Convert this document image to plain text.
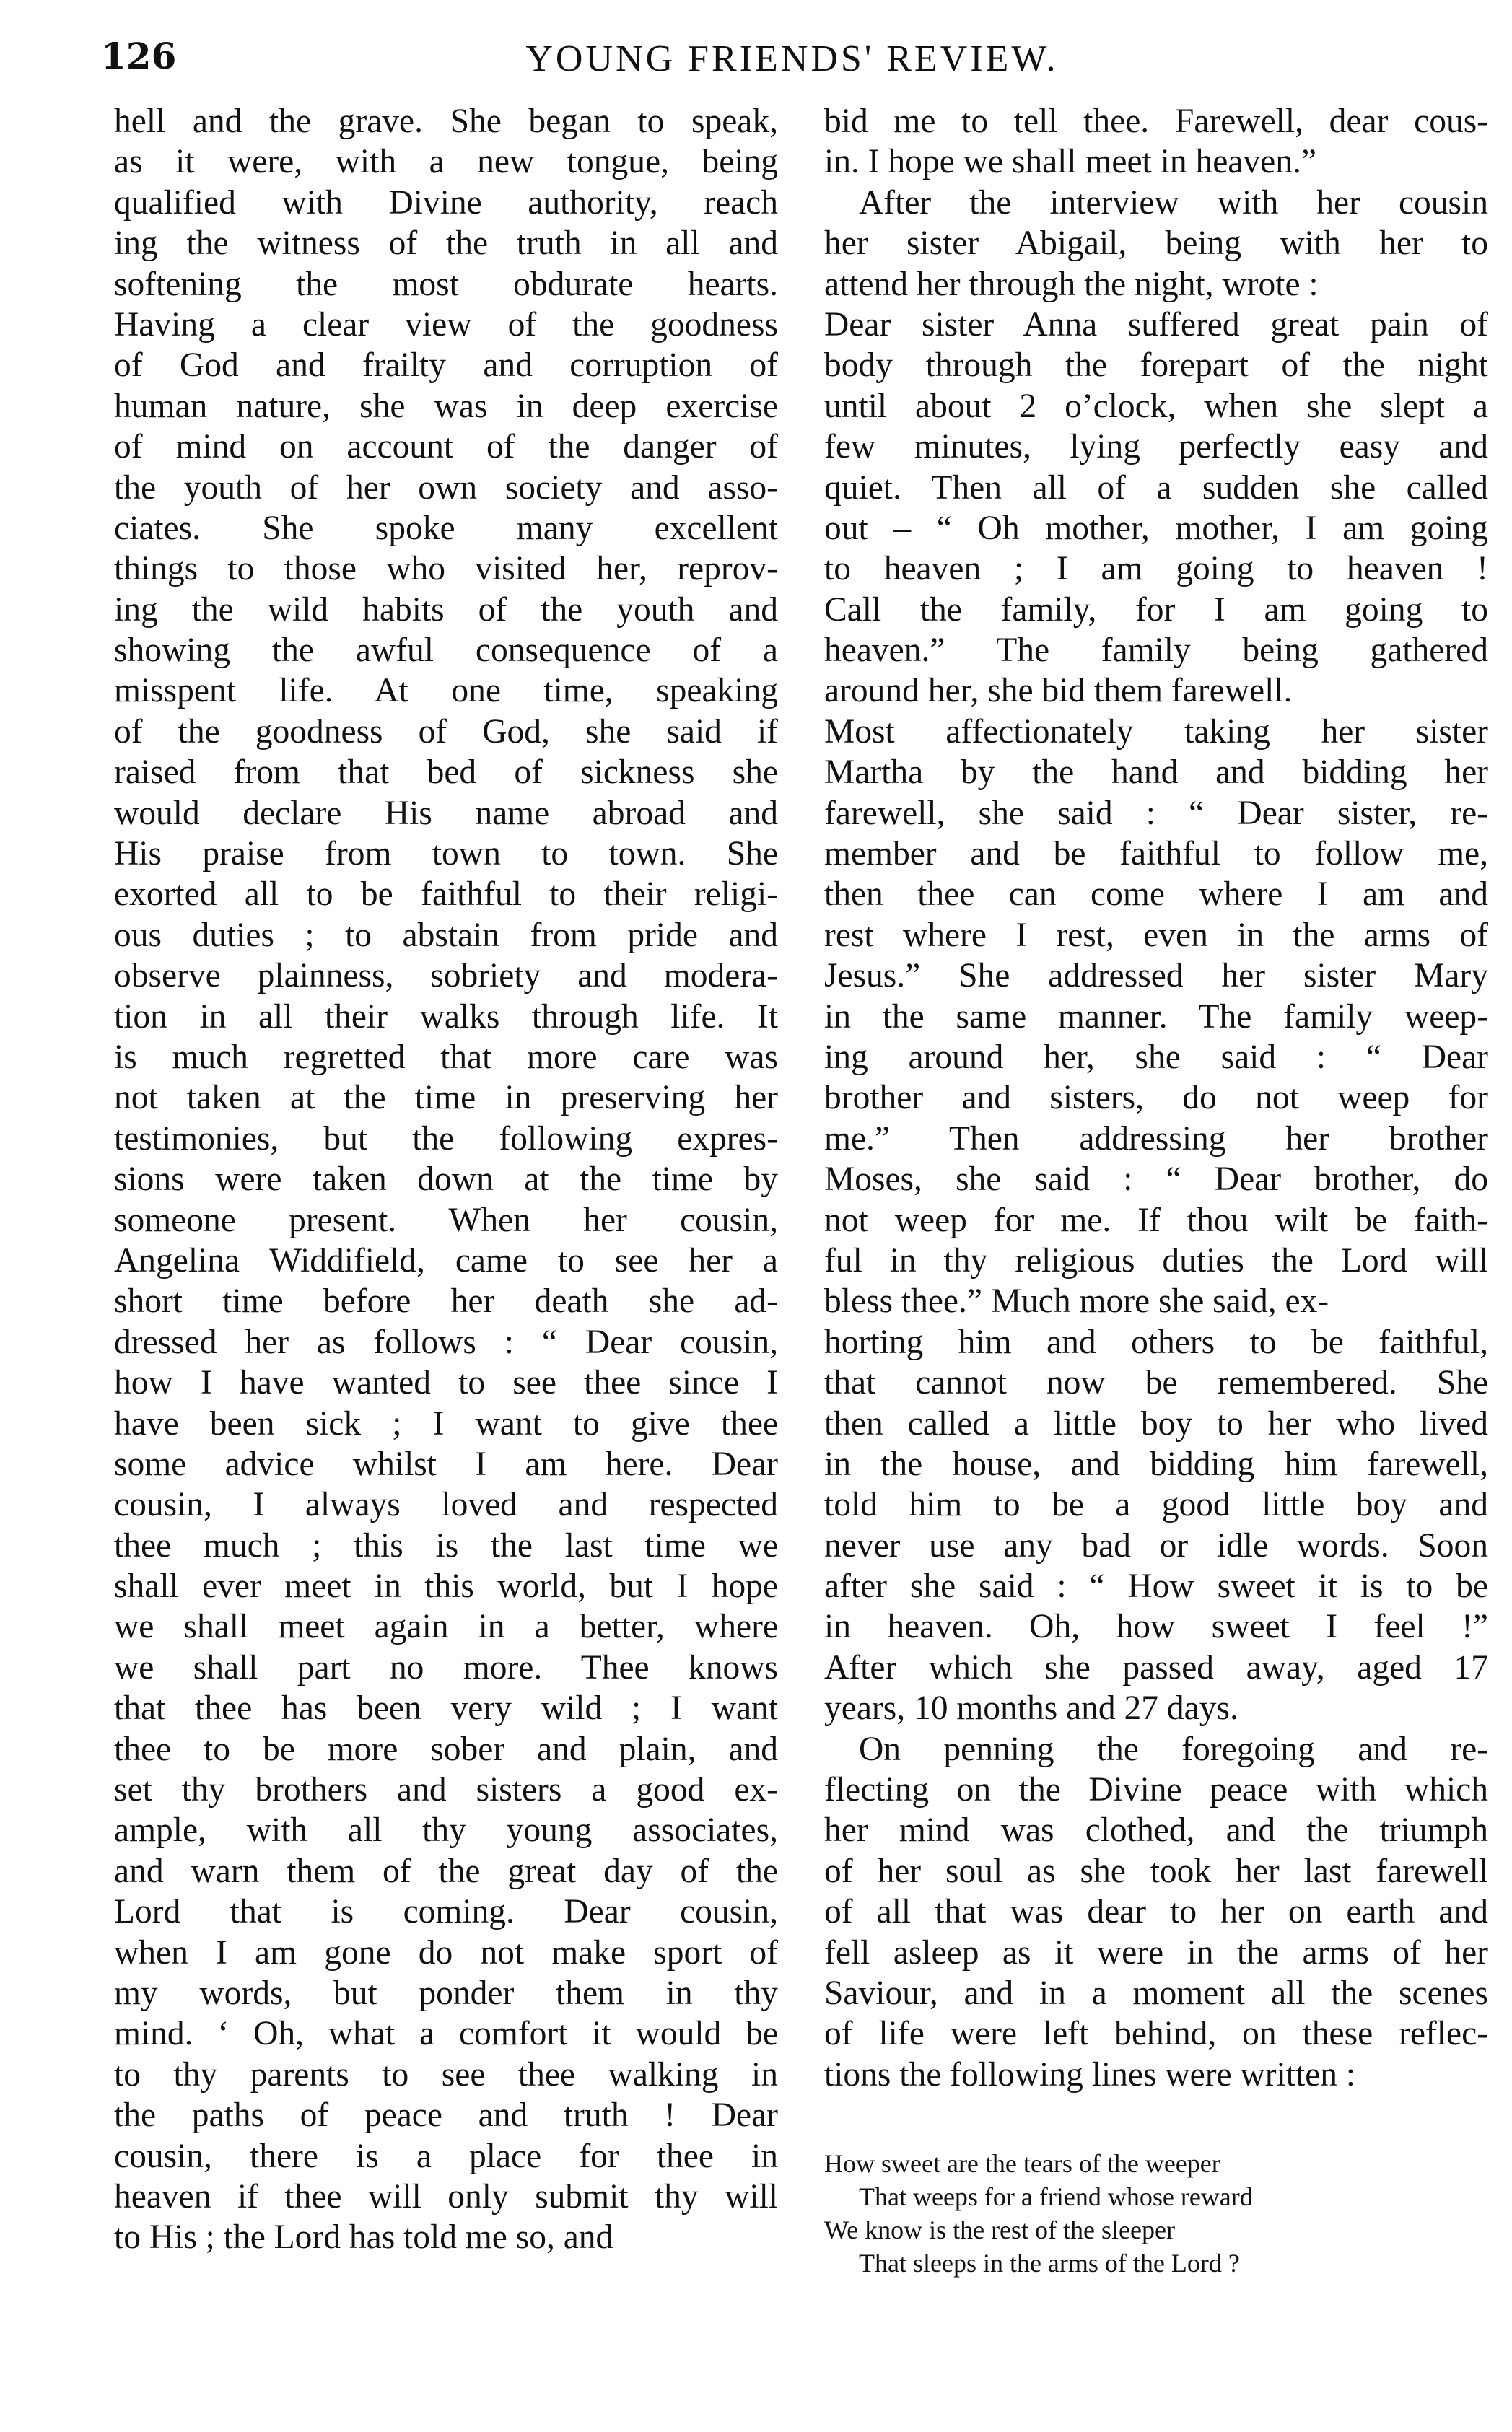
126	YOUNG FRIENDS' REVIEW.
hell and the grave. She began to speak,
as it were, with a new tongue, being
qualified with Divine authority, reach
ing the witness of the truth in all and
softening the most obdurate hearts.
Having a clear view of the goodness
of God and frailty and corruption of
human nature, she was in deep exercise
of mind on account of the danger of
the youth of her own society and asso-
ciates. She spoke many excellent
things to those who visited her, reprov-
ing the wild habits of the youth and
showing the awful consequence of a
misspent life. At one time, speaking
of the goodness of God, she said if
raised from that bed of sickness she
would declare His name abroad and
His praise from town to town. She
exorted all to be faithful to their religi-
ous duties ; to abstain from pride and
observe plainness, sobriety and modera-
tion in all their walks through life. It
is much regretted that more care was
not taken at the time in preserving her
testimonies, but the following expres-
sions were taken down at the time by
someone present. When her cousin,
Angelina Widdifield, came to see her a
short time before her death she ad-
dressed her as follows : “ Dear cousin,
how I have wanted to see thee since I
have been sick ; I want to give thee
some advice whilst I am here. Dear
cousin, I always loved and respected
thee much ; this is the last time we
shall ever meet in this world, but I hope
we shall meet again in a better, where
we shall part no more. Thee knows
that thee has been very wild ; I want
thee to be more sober and plain, and
set thy brothers and sisters a good ex-
ample, with all thy young associates,
and warn them of the great day of the
Lord that is coming. Dear cousin,
when I am gone do not make sport of
my words, but ponder them in thy
mind. ‘ Oh, what a comfort it would be
to thy parents to see thee walking in
the paths of peace and truth ! Dear
cousin, there is a place for thee in
heaven if thee will only submit thy will
to His ; the Lord has told me so, and
bid me to tell thee. Farewell, dear cous-
in. I hope we shall meet in heaven.”
After the interview with her cousin
her sister Abigail, being with her to
attend her through the night, wrote :
Dear sister Anna suffered great pain of
body through the forepart of the night
until about 2 o’clock, when she slept a
few minutes, lying perfectly easy and
quiet. Then all of a sudden she called
out – “ Oh mother, mother, I am going
to heaven ; I am going to heaven !
Call the family, for I am going to
heaven.” The family being gathered
around her, she bid them farewell.
Most affectionately taking her sister
Martha by the hand and bidding her
farewell, she said : “ Dear sister, re-
member and be faithful to follow me,
then thee can come where I am and
rest where I rest, even in the arms of
Jesus.” She addressed her sister Mary
in the same manner. The family weep-
ing around her, she said : “ Dear
brother and sisters, do not weep for
me.” Then addressing her brother
Moses, she said : “ Dear brother, do
not weep for me. If thou wilt be faith-
ful in thy religious duties the Lord will
bless thee.” Much more she said, ex-
horting him and others to be faithful,
that cannot now be remembered. She
then called a little boy to her who lived
in the house, and bidding him farewell,
told him to be a good little boy and
never use any bad or idle words. Soon
after she said : “ How sweet it is to be
in heaven. Oh, how sweet I feel !”
After which she passed away, aged 17
years, 10 months and 27 days.
On penning the foregoing and re-
flecting on the Divine peace with which
her mind was clothed, and the triumph
of her soul as she took her last farewell
of all that was dear to her on earth and
fell asleep as it were in the arms of her
Saviour, and in a moment all the scenes
of life were left behind, on these reflec-
tions the following lines were written :
How sweet are the tears of the weeper
That weeps for a friend whose reward
We know is the rest of the sleeper
That sleeps in the arms of the Lord ?
